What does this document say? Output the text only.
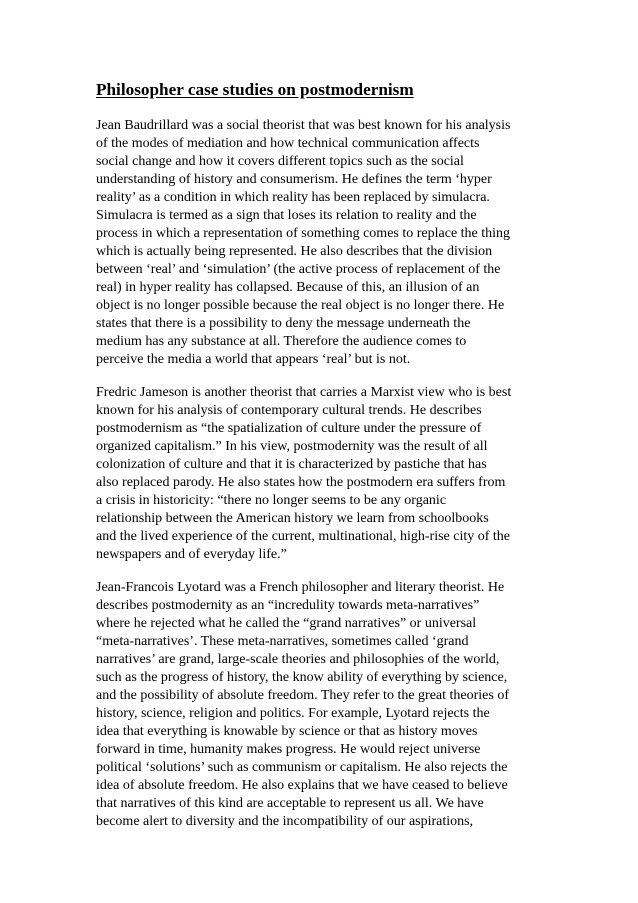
Philosopher case studies on postmodernism
Jean Baudrillard was a social theorist that was best known for his analysis
of the modes of mediation and how technical communication affects
social change and how it covers different topics such as the social
understanding of history and consumerism. He defines the term ‘hyper
reality’ as a condition in which reality has been replaced by simulacra.
Simulacra is termed as a sign that loses its relation to reality and the
process in which a representation of something comes to replace the thing
which is actually being represented. He also describes that the division
between ‘real’ and ‘simulation’ (the active process of replacement of the
real) in hyper reality has collapsed. Because of this, an illusion of an
object is no longer possible because the real object is no longer there. He
states that there is a possibility to deny the message underneath the
medium has any substance at all. Therefore the audience comes to
perceive the media a world that appears ‘real’ but is not.
Fredric Jameson is another theorist that carries a Marxist view who is best
known for his analysis of contemporary cultural trends. He describes
postmodernism as “the spatialization of culture under the pressure of
organized capitalism.” In his view, postmodernity was the result of all
colonization of culture and that it is characterized by pastiche that has
also replaced parody. He also states how the postmodern era suffers from
a crisis in historicity: “there no longer seems to be any organic
relationship between the American history we learn from schoolbooks
and the lived experience of the current, multinational, high-rise city of the
newspapers and of everyday life.”
Jean-Francois Lyotard was a French philosopher and literary theorist. He
describes postmodernity as an “incredulity towards meta-narratives”
where he rejected what he called the “grand narratives” or universal
“meta-narratives’. These meta-narratives, sometimes called ‘grand
narratives’ are grand, large-scale theories and philosophies of the world,
such as the progress of history, the know ability of everything by science,
and the possibility of absolute freedom. They refer to the great theories of
history, science, religion and politics. For example, Lyotard rejects the
idea that everything is knowable by science or that as history moves
forward in time, humanity makes progress. He would reject universe
political ‘solutions’ such as communism or capitalism. He also rejects the
idea of absolute freedom. He also explains that we have ceased to believe
that narratives of this kind are acceptable to represent us all. We have
become alert to diversity and the incompatibility of our aspirations,
